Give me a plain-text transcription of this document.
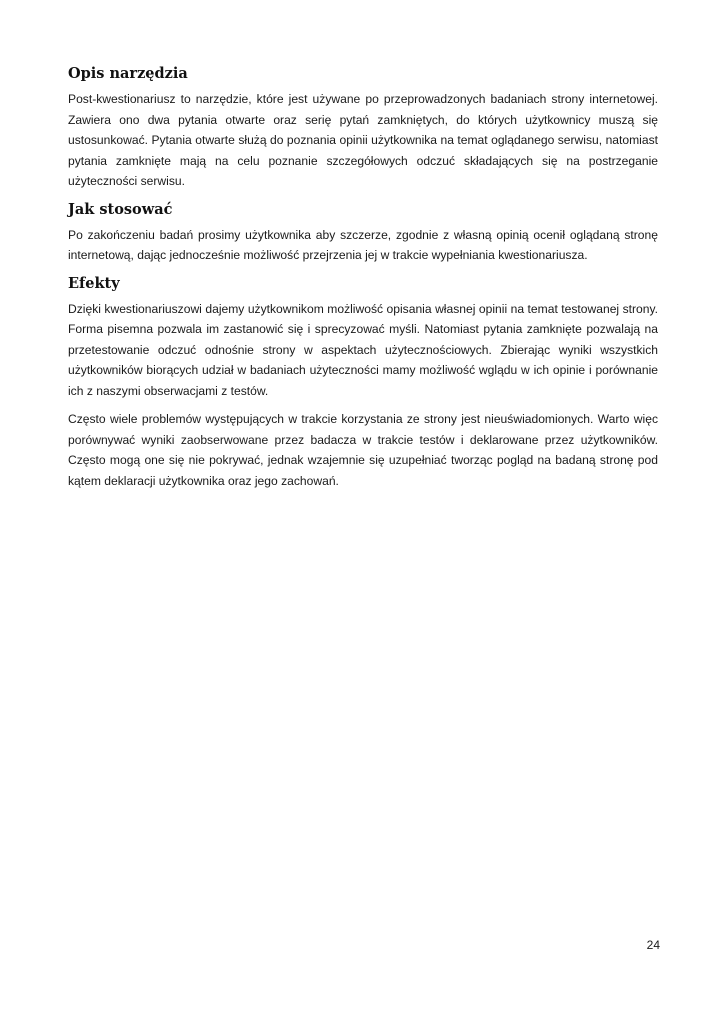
Opis narzędzia

Post-kwestionariusz to narzędzie, które jest używane po przeprowadzonych badaniach strony internetowej. Zawiera ono dwa pytania otwarte oraz serię pytań zamkniętych, do których użytkownicy muszą się ustosunkować. Pytania otwarte służą do poznania opinii użytkownika na temat oglądanego serwisu, natomiast pytania zamknięte mają na celu poznanie szczegółowych odczuć składających się na postrzeganie użyteczności serwisu.

Jak stosować

Po zakończeniu badań prosimy użytkownika aby szczerze, zgodnie z własną opinią ocenił oglądaną stronę internetową, dając jednocześnie możliwość przejrzenia jej w trakcie wypełniania kwestionariusza.

Efekty

Dzięki kwestionariuszowi dajemy użytkownikom możliwość opisania własnej opinii na temat testowanej strony. Forma pisemna pozwala im zastanowić się i sprecyzować myśli. Natomiast pytania zamknięte pozwalają na przetestowanie odczuć odnośnie strony w aspektach użytecznościowych. Zbierając wyniki wszystkich użytkowników biorących udział w badaniach użyteczności mamy możliwość wglądu w ich opinie i porównanie ich z naszymi obserwacjami z testów.

Często wiele problemów występujących w trakcie korzystania ze strony jest nieuświadomionych. Warto więc porównywać wyniki zaobserwowane przez badacza w trakcie testów i deklarowane przez użytkowników. Często mogą one się nie pokrywać, jednak wzajemnie się uzupełniać tworząc pogląd na badaną stronę pod kątem deklaracji użytkownika oraz jego zachowań.

24
